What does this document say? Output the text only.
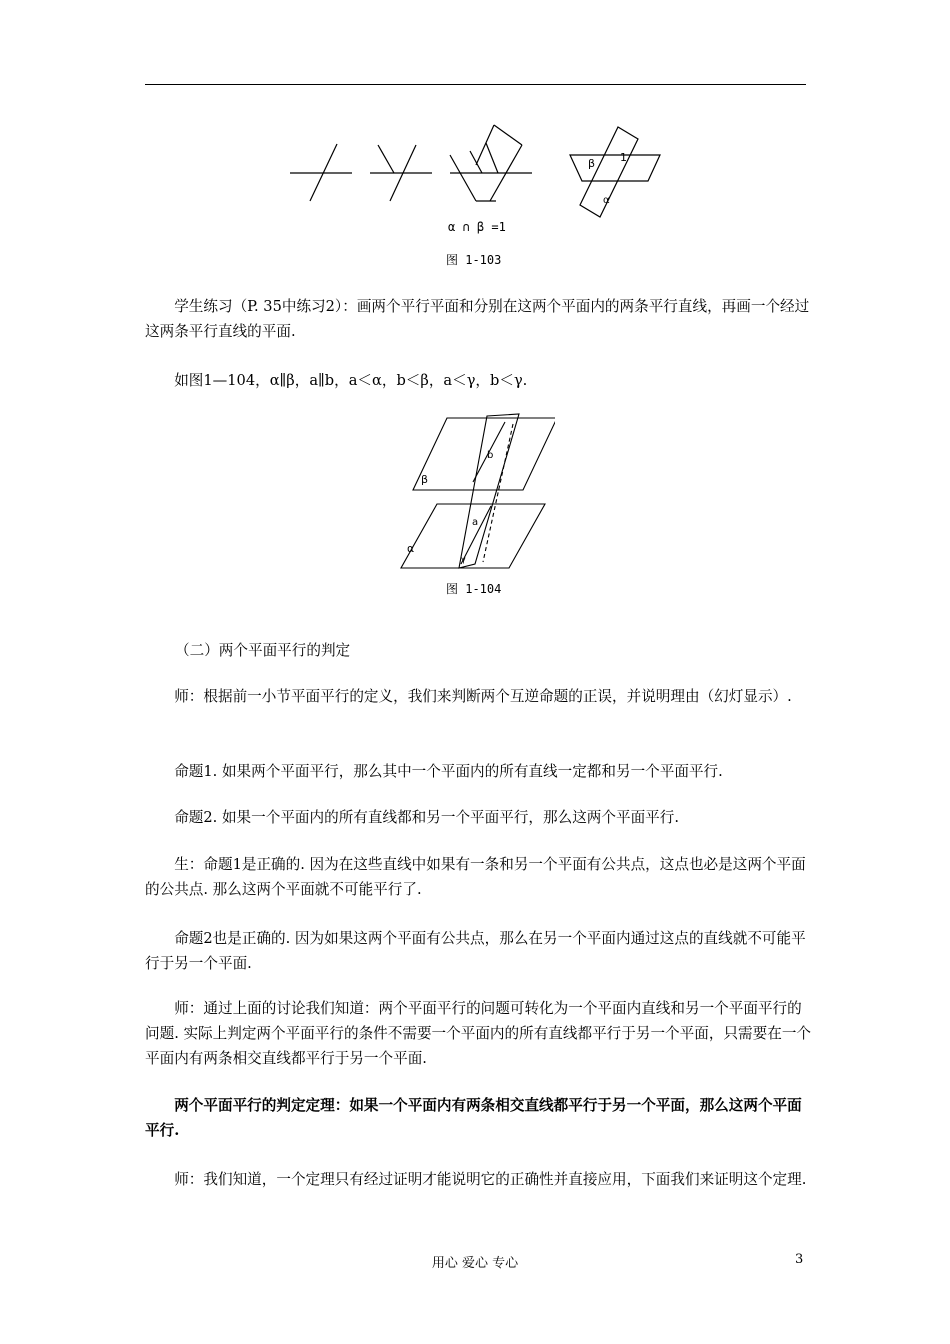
β 1
α
α ∩ β =1
图 1-103
b
β
a
α
γ
图 1-104

学生练习（P. 35中练习2）：画两个平行平面和分别在这两个平面内的两条平行直线，再画一个经过这两条平行直线的平面.

如图1—104，α∥β，a∥b，a＜α，b＜β，a＜γ，b＜γ.

（二）两个平面平行的判定

师：根据前一小节平面平行的定义，我们来判断两个互逆命题的正误，并说明理由（幻灯显示）.

命题1. 如果两个平面平行，那么其中一个平面内的所有直线一定都和另一个平面平行.

命题2. 如果一个平面内的所有直线都和另一个平面平行，那么这两个平面平行.

生：命题1是正确的. 因为在这些直线中如果有一条和另一个平面有公共点，这点也必是这两个平面的公共点. 那么这两个平面就不可能平行了.

命题2也是正确的. 因为如果这两个平面有公共点，那么在另一个平面内通过这点的直线就不可能平行于另一个平面.

师：通过上面的讨论我们知道：两个平面平行的问题可转化为一个平面内直线和另一个平面平行的问题. 实际上判定两个平面平行的条件不需要一个平面内的所有直线都平行于另一个平面，只需要在一个平面内有两条相交直线都平行于另一个平面.

两个平面平行的判定定理：如果一个平面内有两条相交直线都平行于另一个平面，那么这两个平面平行.

师：我们知道，一个定理只有经过证明才能说明它的正确性并直接应用，下面我们来证明这个定理.

用心 爱心 专心	3
